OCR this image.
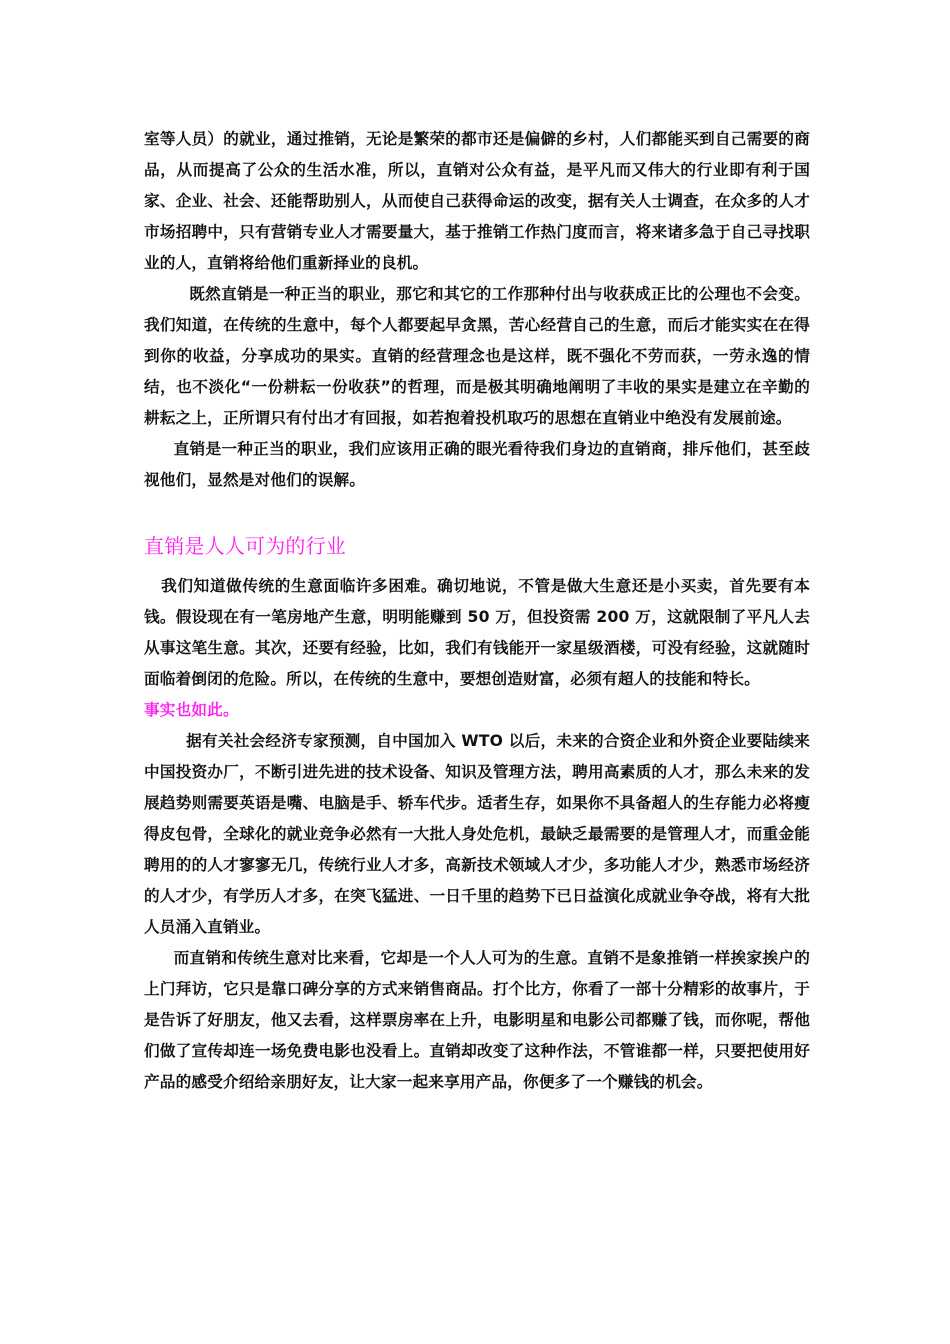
室等人员）的就业，通过推销，无论是繁荣的都市还是偏僻的乡村，人们都能买到自己需要的商品，从而提高了公众的生活水准，所以，直销对公众有益，是平凡而又伟大的行业即有利于国家、企业、社会、还能帮助别人，从而使自己获得命运的改变，据有关人士调查，在众多的人才市场招聘中，只有营销专业人才需要量大，基于推销工作热门度而言，将来诸多急于自己寻找职业的人，直销将给他们重新择业的良机。

既然直销是一种正当的职业，那它和其它的工作那种付出与收获成正比的公理也不会变。我们知道，在传统的生意中，每个人都要起早贪黑，苦心经营自己的生意，而后才能实实在在得到你的收益，分享成功的果实。直销的经营理念也是这样，既不强化不劳而获，一劳永逸的情结，也不淡化“一份耕耘一份收获”的哲理，而是极其明确地阐明了丰收的果实是建立在辛勤的耕耘之上，正所谓只有付出才有回报，如若抱着投机取巧的思想在直销业中绝没有发展前途。

直销是一种正当的职业，我们应该用正确的眼光看待我们身边的直销商，排斥他们，甚至歧视他们，显然是对他们的误解。

直销是人人可为的行业

我们知道做传统的生意面临许多困难。确切地说，不管是做大生意还是小买卖，首先要有本钱。假设现在有一笔房地产生意，明明能赚到 50 万，但投资需 200 万，这就限制了平凡人去从事这笔生意。其次，还要有经验，比如，我们有钱能开一家星级酒楼，可没有经验，这就随时面临着倒闭的危险。所以，在传统的生意中，要想创造财富，必须有超人的技能和特长。

事实也如此。

据有关社会经济专家预测，自中国加入 WTO 以后，未来的合资企业和外资企业要陆续来中国投资办厂，不断引进先进的技术设备、知识及管理方法，聘用高素质的人才，那么未来的发展趋势则需要英语是嘴、电脑是手、轿车代步。适者生存，如果你不具备超人的生存能力必将瘦得皮包骨，全球化的就业竞争必然有一大批人身处危机，最缺乏最需要的是管理人才，而重金能聘用的的人才寥寥无几，传统行业人才多，高新技术领域人才少，多功能人才少，熟悉市场经济的人才少，有学历人才多，在突飞猛进、一日千里的趋势下已日益演化成就业争夺战，将有大批人员涌入直销业。

而直销和传统生意对比来看，它却是一个人人可为的生意。直销不是象推销一样挨家挨户的上门拜访，它只是靠口碑分享的方式来销售商品。打个比方，你看了一部十分精彩的故事片，于是告诉了好朋友，他又去看，这样票房率在上升，电影明星和电影公司都赚了钱，而你呢，帮他们做了宣传却连一场免费电影也没看上。直销却改变了这种作法，不管谁都一样，只要把使用好产品的感受介绍给亲朋好友，让大家一起来享用产品，你便多了一个赚钱的机会。
